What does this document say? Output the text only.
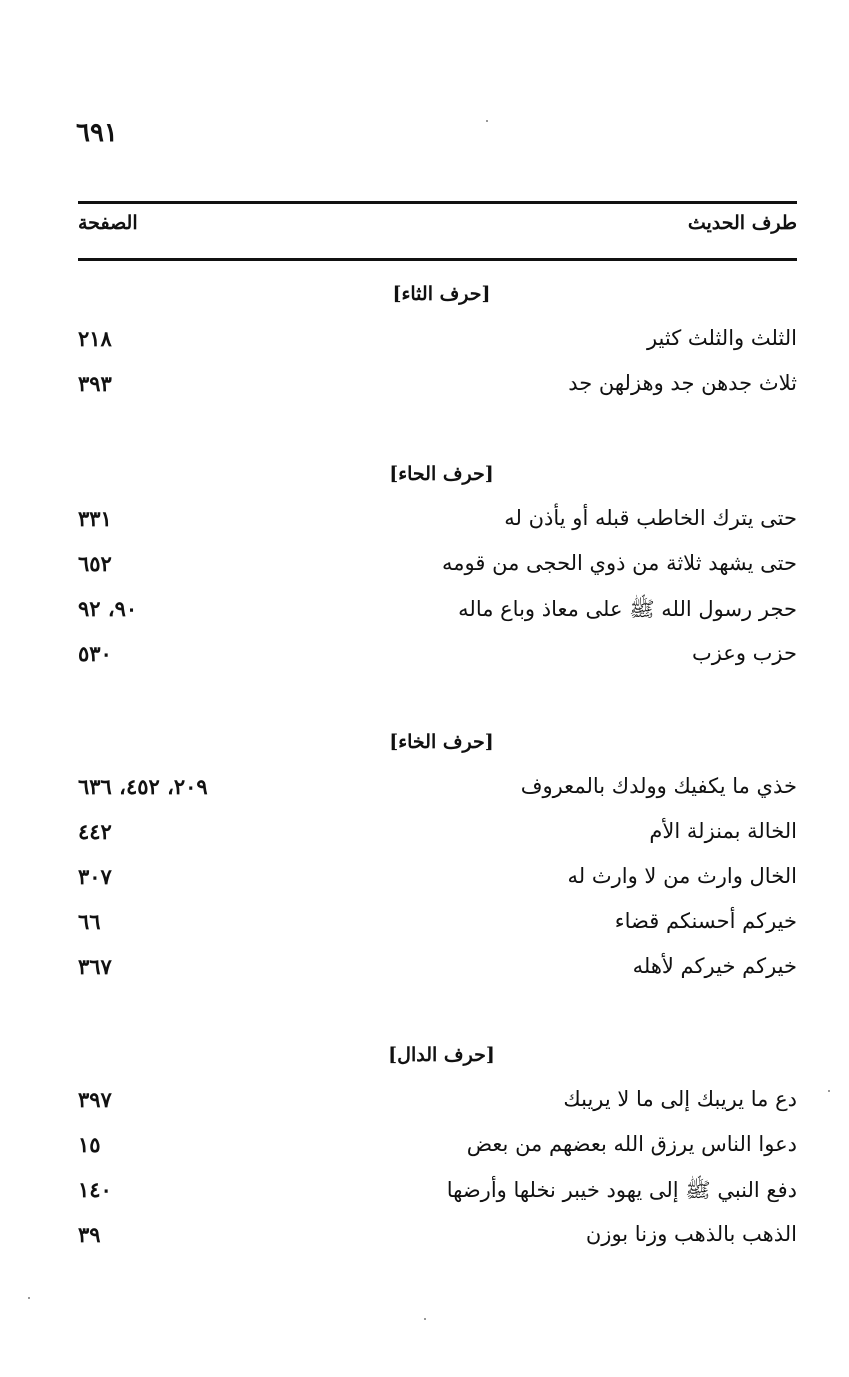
٦٩١
طرف الحديث
الصفحة
[حرف الثاء]
الثلث والثلث كثير
٢١٨
ثلاث جدهن جد وهزلهن جد
٣٩٣
[حرف الحاء]
حتى يترك الخاطب قبله أو يأذن له
٣٣١
حتى يشهد ثلاثة من ذوي الحجى من قومه
٦٥٢
حجر رسول الله ﷺ على معاذ وباع ماله
٩٠، ٩٢
حزب وعزب
٥٣٠
[حرف الخاء]
خذي ما يكفيك وولدك بالمعروف
٢٠٩، ٤٥٢، ٦٣٦
الخالة بمنزلة الأم
٤٤٢
الخال وارث من لا وارث له
٣٠٧
خيركم أحسنكم قضاء
٦٦
خيركم خيركم لأهله
٣٦٧
[حرف الدال]
دع ما يريبك إلى ما لا يريبك
٣٩٧
دعوا الناس يرزق الله بعضهم من بعض
١٥
دفع النبي ﷺ إلى يهود خيبر نخلها وأرضها
١٤٠
الذهب بالذهب وزنا بوزن
٣٩
